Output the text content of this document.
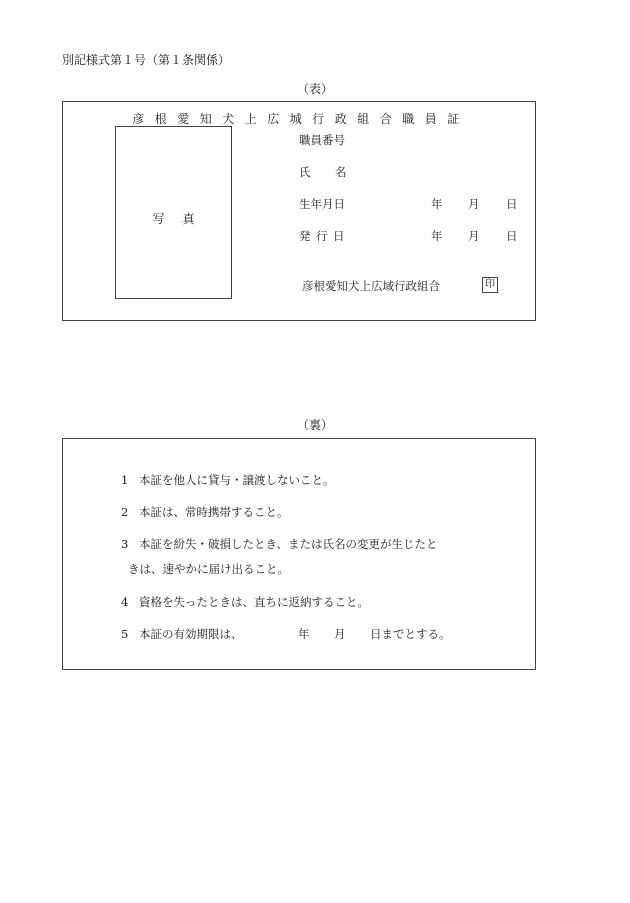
別記様式第１号（第１条関係）
（表）
彦 根 愛 知 犬 上 広 城 行 政 組 合 職 員 証
写 真
職員番号
氏 名
生年月日	年 月 日
発 行 日	年 月 日
彦根愛知犬上広域行政組合	印
（裏）
1 本証を他人に貸与・譲渡しないこと。
2 本証は、常時携帯すること。
3 本証を紛失・破損したとき、または氏名の変更が生じたと
きは、速やかに届け出ること。
4 資格を失ったときは、直ちに返納すること。
5 本証の有効期限は、	年 月 日までとする。
